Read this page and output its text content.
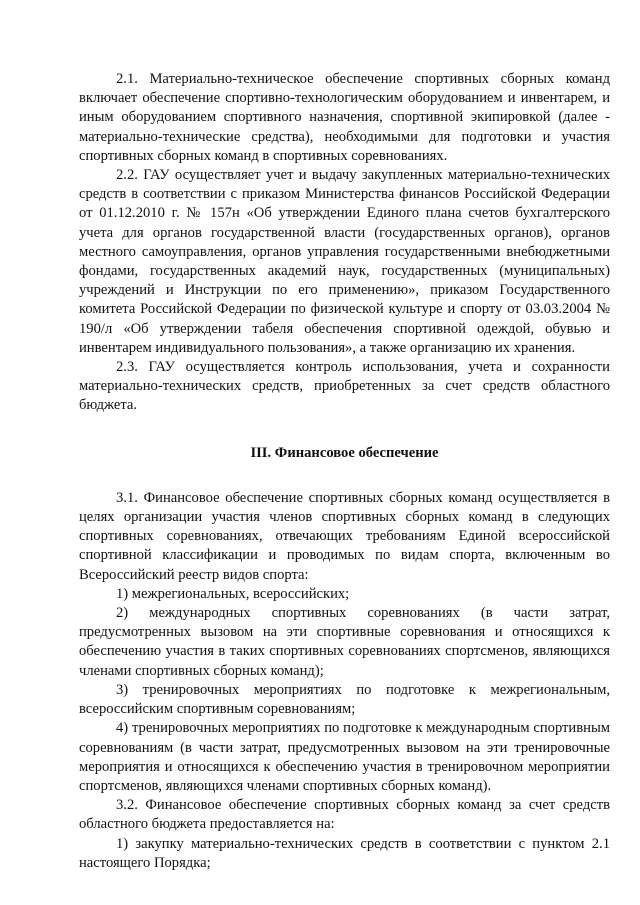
2.1. Материально-техническое обеспечение спортивных сборных команд включает обеспечение спортивно-технологическим оборудованием и инвентарем, и иным оборудованием спортивного назначения, спортивной экипировкой (далее - материально-технические средства), необходимыми для подготовки и участия спортивных сборных команд в спортивных соревнованиях.

2.2. ГАУ осуществляет учет и выдачу закупленных материально-технических средств в соответствии с приказом Министерства финансов Российской Федерации от 01.12.2010 г. № 157н «Об утверждении Единого плана счетов бухгалтерского учета для органов государственной власти (государственных органов), органов местного самоуправления, органов управления государственными внебюджетными фондами, государственных академий наук, государственных (муниципальных) учреждений и Инструкции по его применению», приказом Государственного комитета Российской Федерации по физической культуре и спорту от 03.03.2004 № 190/л «Об утверждении табеля обеспечения спортивной одеждой, обувью и инвентарем индивидуального пользования», а также организацию их хранения.

2.3. ГАУ осуществляется контроль использования, учета и сохранности материально-технических средств, приобретенных за счет средств областного бюджета.

III. Финансовое обеспечение

3.1. Финансовое обеспечение спортивных сборных команд осуществляется в целях организации участия членов спортивных сборных команд в следующих спортивных соревнованиях, отвечающих требованиям Единой всероссийской спортивной классификации и проводимых по видам спорта, включенным во Всероссийский реестр видов спорта:

1) межрегиональных, всероссийских;

2) международных спортивных соревнованиях (в части затрат, предусмотренных вызовом на эти спортивные соревнования и относящихся к обеспечению участия в таких спортивных соревнованиях спортсменов, являющихся членами спортивных сборных команд);

3) тренировочных мероприятиях по подготовке к межрегиональным, всероссийским спортивным соревнованиям;

4) тренировочных мероприятиях по подготовке к международным спортивным соревнованиям (в части затрат, предусмотренных вызовом на эти тренировочные мероприятия и относящихся к обеспечению участия в тренировочном мероприятии спортсменов, являющихся членами спортивных сборных команд).

3.2. Финансовое обеспечение спортивных сборных команд за счет средств областного бюджета предоставляется на:

1) закупку материально-технических средств в соответствии с пунктом 2.1 настоящего Порядка;
